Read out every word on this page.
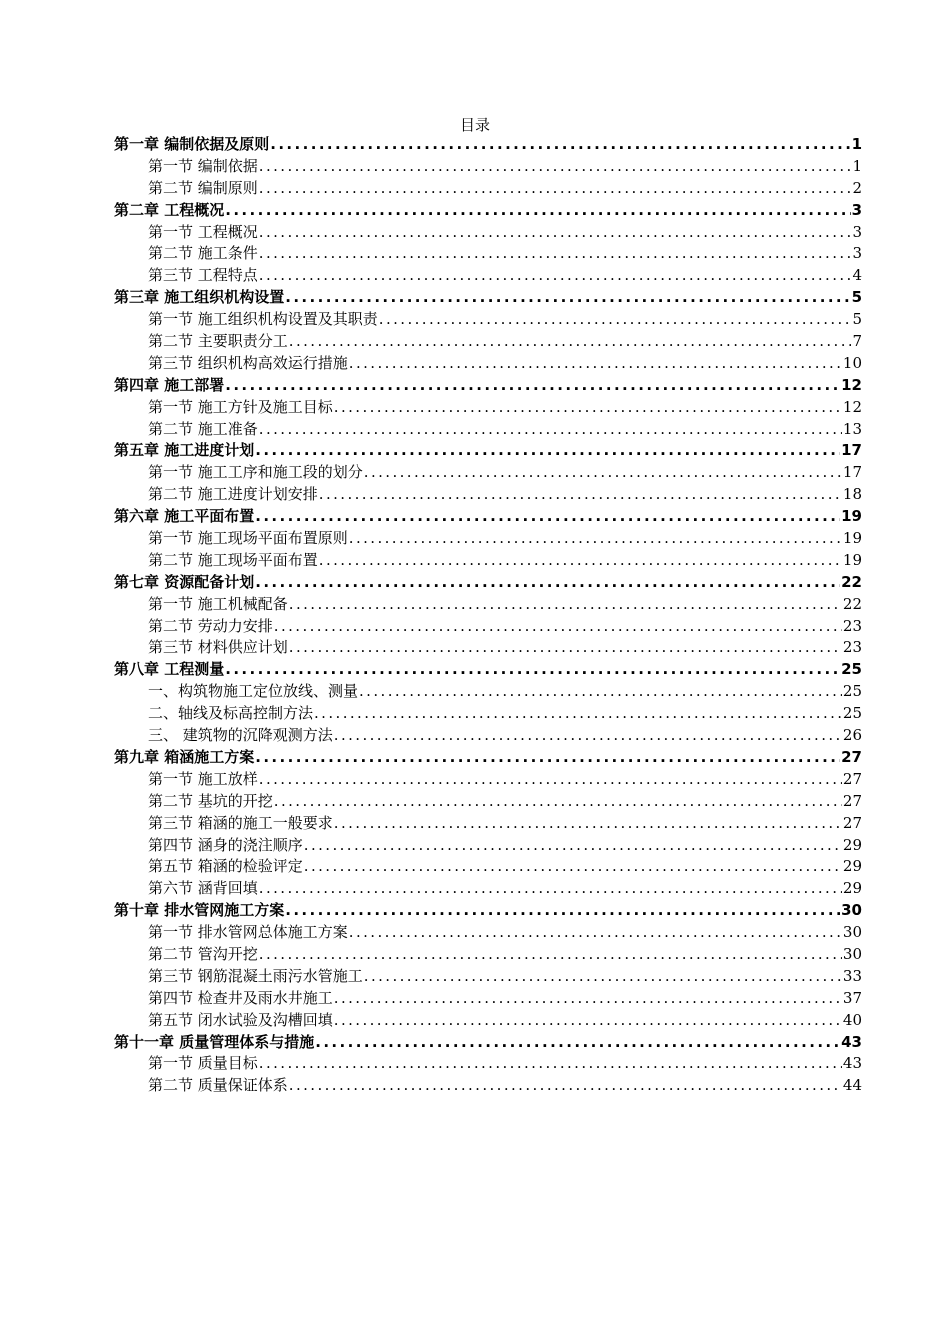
目录
第一章 编制依据及原则 .....	1
第一节 编制依据 .....	1
第二节 编制原则 .....	2
第二章 工程概况 .....	3
第一节 工程概况 .....	3
第二节 施工条件 .....	3
第三节 工程特点 .....	4
第三章 施工组织机构设置 .....	5
第一节 施工组织机构设置及其职责 .....	5
第二节 主要职责分工 .....	7
第三节 组织机构高效运行措施 .....	10
第四章 施工部署 .....	12
第一节 施工方针及施工目标 .....	12
第二节 施工准备 .....	13
第五章 施工进度计划 .....	17
第一节 施工工序和施工段的划分 .....	17
第二节 施工进度计划安排 .....	18
第六章 施工平面布置 .....	19
第一节 施工现场平面布置原则 .....	19
第二节 施工现场平面布置 .....	19
第七章 资源配备计划 .....	22
第一节 施工机械配备 .....	22
第二节 劳动力安排 .....	23
第三节 材料供应计划 .....	23
第八章 工程测量 .....	25
一、构筑物施工定位放线、测量 .....	25
二、轴线及标高控制方法 .....	25
三、 建筑物的沉降观测方法 .....	26
第九章 箱涵施工方案 .....	27
第一节 施工放样 .....	27
第二节 基坑的开挖 .....	27
第三节 箱涵的施工一般要求 .....	27
第四节 涵身的浇注顺序 .....	29
第五节 箱涵的检验评定 .....	29
第六节 涵背回填 .....	29
第十章 排水管网施工方案 .....	30
第一节 排水管网总体施工方案 .....	30
第二节 管沟开挖 .....	30
第三节 钢筋混凝土雨污水管施工 .....	33
第四节 检查井及雨水井施工 .....	37
第五节 闭水试验及沟槽回填 .....	40
第十一章 质量管理体系与措施 .....	43
第一节 质量目标 .....	43
第二节 质量保证体系 .....	44
